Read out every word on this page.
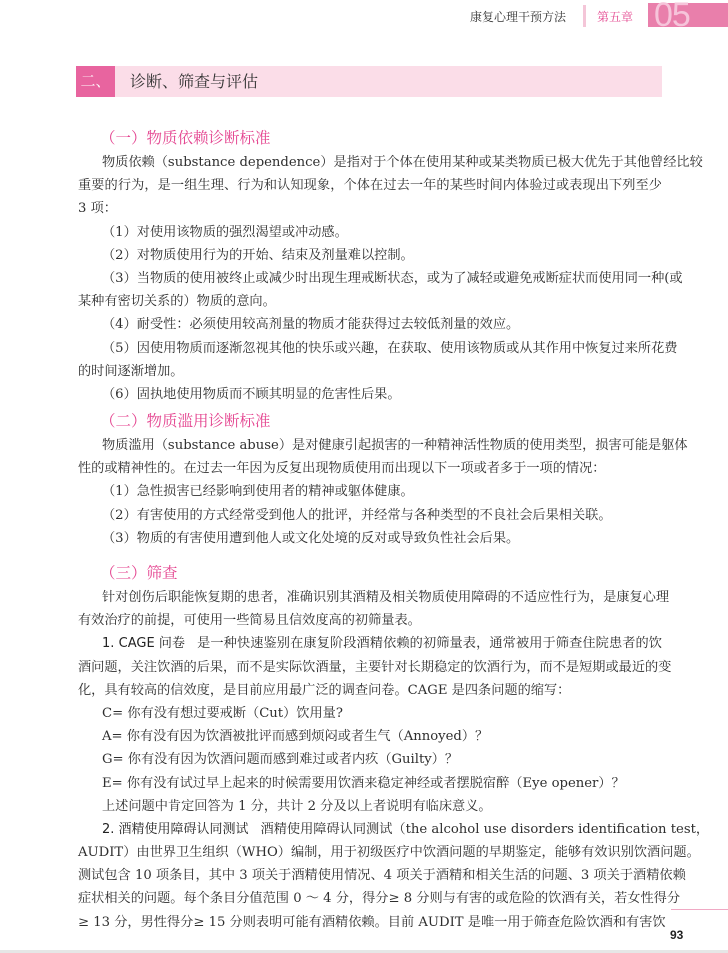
康复心理干预方法	第五章 05
二、 诊断、筛查与评估
（一）物质依赖诊断标准
物质依赖（substance dependence）是指对于个体在使用某种或某类物质已极大优先于其他曾经比较
重要的行为，是一组生理、行为和认知现象，个体在过去一年的某些时间内体验过或表现出下列至少
3 项：
（1）对使用该物质的强烈渴望或冲动感。
（2）对物质使用行为的开始、结束及剂量难以控制。
（3）当物质的使用被终止或减少时出现生理戒断状态，或为了减轻或避免戒断症状而使用同一种(或
某种有密切关系的）物质的意向。
（4）耐受性：必须使用较高剂量的物质才能获得过去较低剂量的效应。
（5）因使用物质而逐渐忽视其他的快乐或兴趣，在获取、使用该物质或从其作用中恢复过来所花费
的时间逐渐增加。
（6）固执地使用物质而不顾其明显的危害性后果。
（二）物质滥用诊断标准
物质滥用（substance abuse）是对健康引起损害的一种精神活性物质的使用类型，损害可能是躯体
性的或精神性的。在过去一年因为反复出现物质使用而出现以下一项或者多于一项的情况：
（1）急性损害已经影响到使用者的精神或躯体健康。
（2）有害使用的方式经常受到他人的批评，并经常与各种类型的不良社会后果相关联。
（3）物质的有害使用遭到他人或文化处境的反对或导致负性社会后果。
（三）筛查
针对创伤后职能恢复期的患者，准确识别其酒精及相关物质使用障碍的不适应性行为，是康复心理
有效治疗的前提，可使用一些简易且信效度高的初筛量表。
1. CAGE 问卷 是一种快速鉴别在康复阶段酒精依赖的初筛量表，通常被用于筛查住院患者的饮
酒问题，关注饮酒的后果，而不是实际饮酒量，主要针对长期稳定的饮酒行为，而不是短期或最近的变
化，具有较高的信效度，是目前应用最广泛的调查问卷。CAGE 是四条问题的缩写：
C= 你有没有想过要戒断（Cut）饮用量?
A= 你有没有因为饮酒被批评而感到烦闷或者生气（Annoyed）？
G= 你有没有因为饮酒问题而感到难过或者内疚（Guilty）？
E= 你有没有试过早上起来的时候需要用饮酒来稳定神经或者摆脱宿醉（Eye opener）？
上述问题中肯定回答为 1 分，共计 2 分及以上者说明有临床意义。
2. 酒精使用障碍认同测试 酒精使用障碍认同测试（the alcohol use disorders identification test，
AUDIT）由世界卫生组织（WHO）编制，用于初级医疗中饮酒问题的早期鉴定，能够有效识别饮酒问题。
测试包含 10 项条目，其中 3 项关于酒精使用情况、4 项关于酒精和相关生活的问题、3 项关于酒精依赖
症状相关的问题。每个条目分值范围 0 ～ 4 分，得分≥ 8 分则与有害的或危险的饮酒有关，若女性得分
≥ 13 分，男性得分≥ 15 分则表明可能有酒精依赖。目前 AUDIT 是唯一用于筛查危险饮酒和有害饮
93
